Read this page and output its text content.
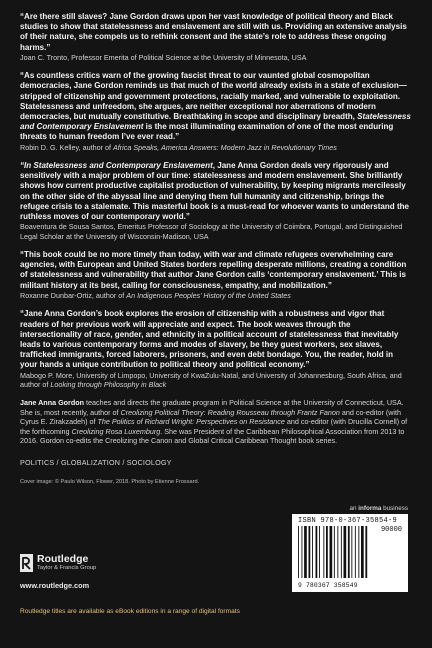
“Are there still slaves? Jane Gordon draws upon her vast knowledge of political theory and Black studies to show that statelessness and enslavement are still with us. Providing an extensive analysis of their nature, she compels us to rethink consent and the state’s role to address these ongoing harms.”

Joan C. Tronto, Professor Emerita of Political Science at the University of Minnesota, USA

“As countless critics warn of the growing fascist threat to our vaunted global cosmopolitan democracies, Jane Gordon reminds us that much of the world already exists in a state of exclusion—stripped of citizenship and government protections, racially marked, and vulnerable to exploitation. Statelessness and unfreedom, she argues, are neither exceptional nor aberrations of modern democracies, but mutually constitutive. Breathtaking in scope and disciplinary breadth, Statelessness and Contemporary Enslavement is the most illuminating examination of one of the most enduring threats to human freedom I’ve ever read.”

Robin D. G. Kelley, author of Africa Speaks, America Answers: Modern Jazz in Revolutionary Times

“In Statelessness and Contemporary Enslavement, Jane Anna Gordon deals very rigorously and sensitively with a major problem of our time: statelessness and modern enslavement. She brilliantly shows how current productive capitalist production of vulnerability, by keeping migrants mercilessly on the other side of the abyssal line and denying them full humanity and citizenship, brings the refugee crisis to a stalemate. This masterful book is a must-read for whoever wants to understand the ruthless moves of our contemporary world.”

Boaventura de Sousa Santos, Emeritus Professor of Sociology at the University of Coimbra, Portugal, and Distinguished Legal Scholar at the University of Wisconsin-Madison, USA

“This book could be no more timely than today, with war and climate refugees overwhelming care agencies, with European and United States borders repelling desperate millions, creating a condition of statelessness and vulnerability that author Jane Gordon calls ‘contemporary enslavement.’ This is militant history at its best, calling for consciousness, empathy, and mobilization.”

Roxanne Dunbar-Ortiz, author of An Indigenous Peoples’ History of the United States

“Jane Anna Gordon’s book explores the erosion of citizenship with a robustness and vigor that readers of her previous work will appreciate and expect. The book weaves through the intersectionality of race, gender, and ethnicity in a political account of statelessness that inevitably leads to various contemporary forms and modes of slavery, be they guest workers, sex slaves, trafficked immigrants, forced laborers, prisoners, and even debt bondage. You, the reader, hold in your hands a unique contribution to political theory and political economy.”

Mabogo P. More, University of Limpopo, University of KwaZulu-Natal, and University of Johannesburg, South Africa, and author of Looking through Philosophy in Black

Jane Anna Gordon teaches and directs the graduate program in Political Science at the University of Connecticut, USA. She is, most recently, author of Creolizing Political Theory: Reading Rousseau through Frantz Fanon and co-editor (with Cyrus E. Zirakzadeh) of The Politics of Richard Wright: Perspectives on Resistance and co-editor (with Drucilla Cornell) of the forthcoming Creolizing Rosa Luxemburg. She was President of the Caribbean Philosophical Association from 2013 to 2016. Gordon co-edits the Creolizing the Canon and Global Critical Caribbean Thought book series.

POLITICS / GLOBALIZATION / SOCIOLOGY

Cover image: © Paulo Wilson, Flower, 2018. Photo by Etienne Frossard.

an informa business
ISBN 978-0-367-35854-9
90000
9 780367 358549
Routledge
Taylor & Francis Group
www.routledge.com
Routledge titles are available as eBook editions in a range of digital formats
